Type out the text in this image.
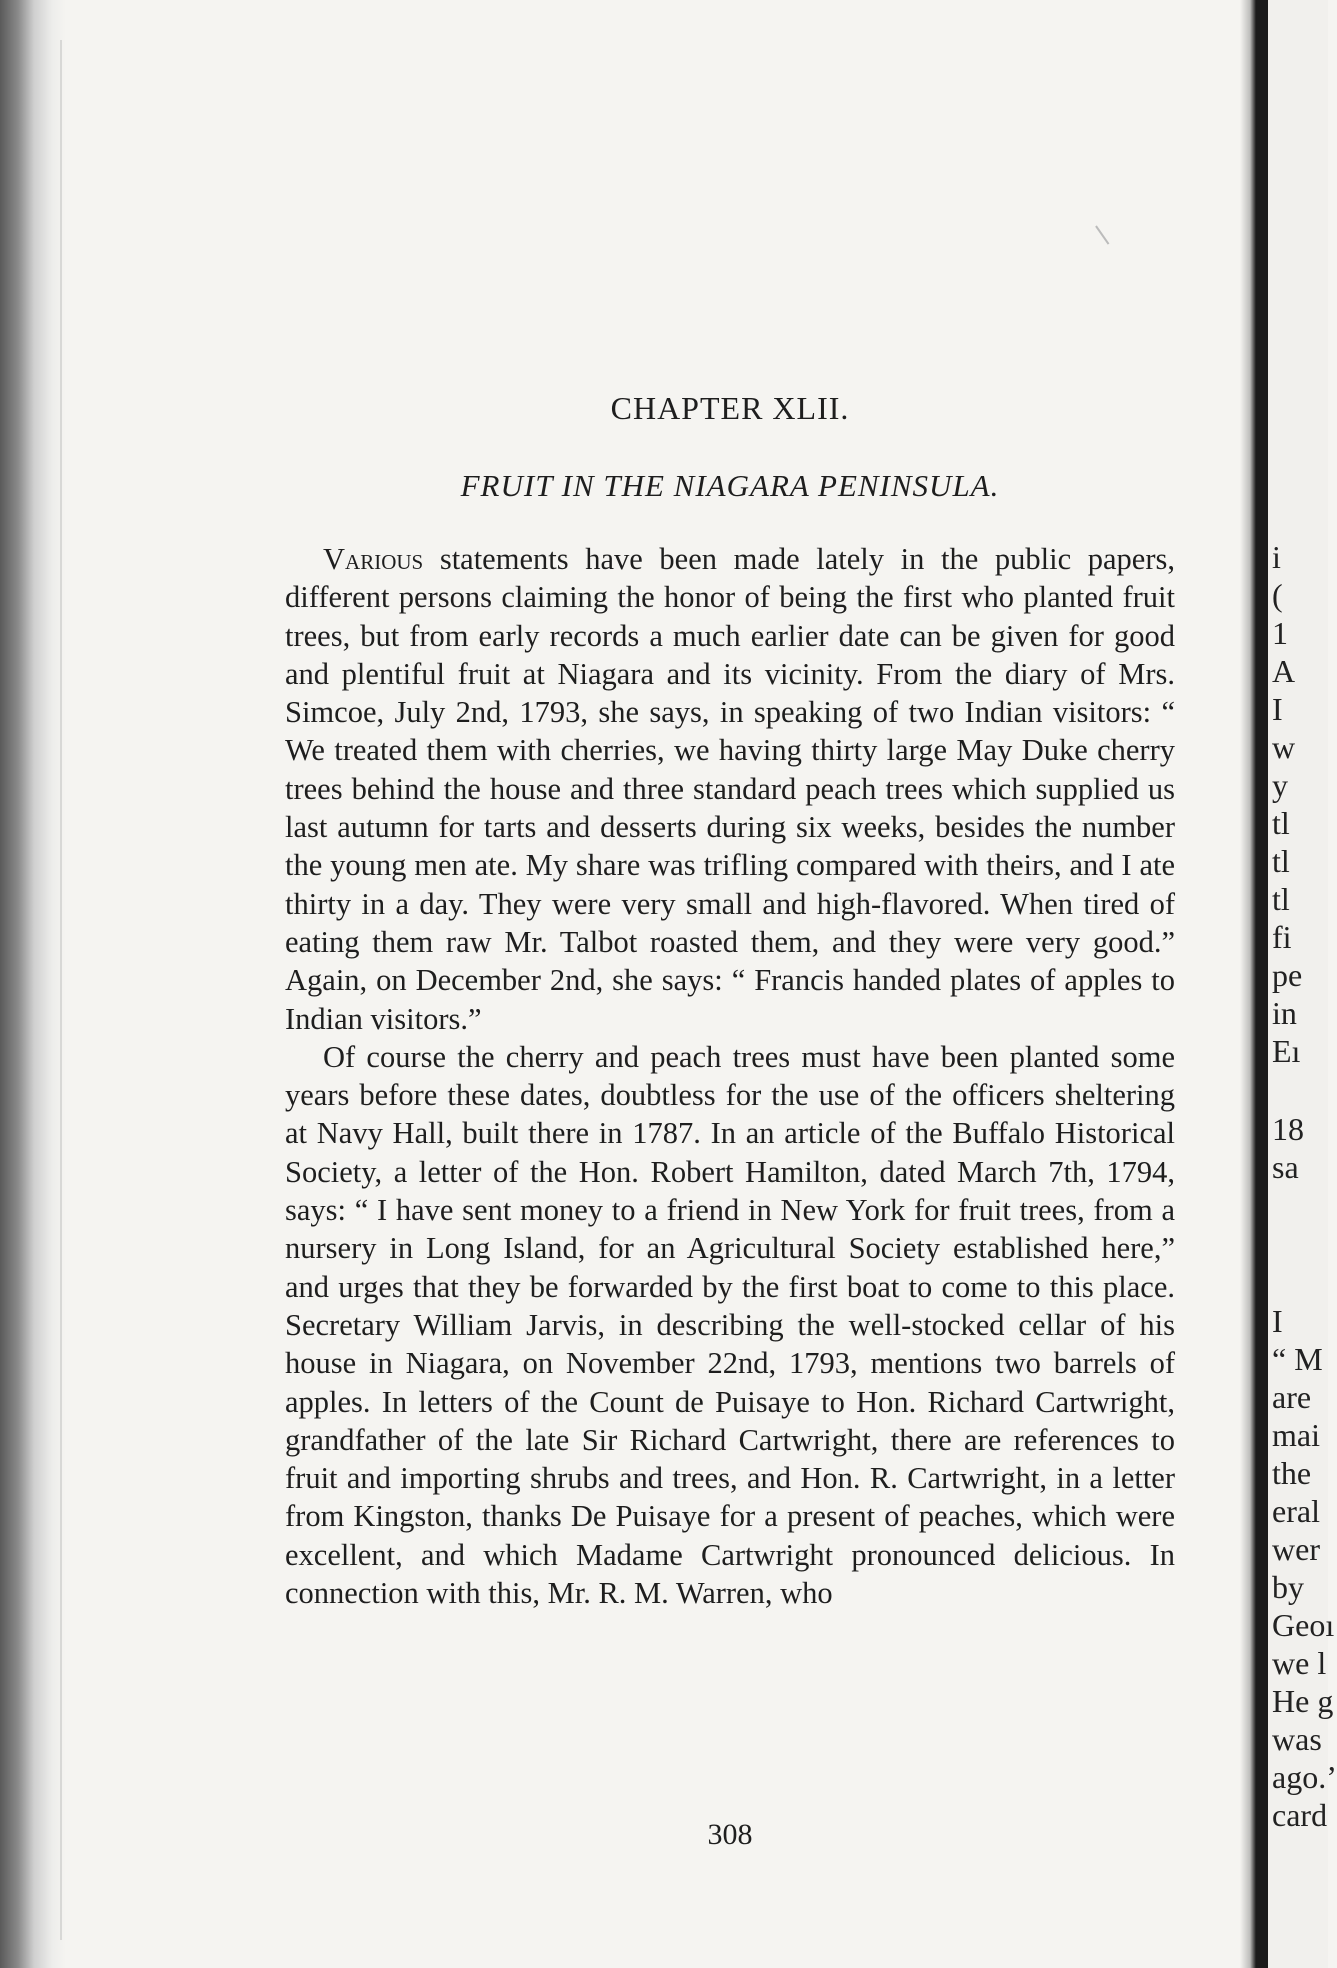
CHAPTER XLII.
FRUIT IN THE NIAGARA PENINSULA.

Various statements have been made lately in the public papers, different persons claiming the honor of being the first who planted fruit trees, but from early records a much earlier date can be given for good and plentiful fruit at Niagara and its vicinity. From the diary of Mrs. Simcoe, July 2nd, 1793, she says, in speaking of two Indian visitors: “ We treated them with cherries, we having thirty large May Duke cherry trees behind the house and three standard peach trees which supplied us last autumn for tarts and desserts during six weeks, besides the number the young men ate. My share was trifling compared with theirs, and I ate thirty in a day. They were very small and high-flavored. When tired of eating them raw Mr. Talbot roasted them, and they were very good.” Again, on December 2nd, she says: “ Francis handed plates of apples to Indian visitors.”

Of course the cherry and peach trees must have been planted some years before these dates, doubtless for the use of the officers sheltering at Navy Hall, built there in 1787. In an article of the Buffalo Historical Society, a letter of the Hon. Robert Hamilton, dated March 7th, 1794, says: “ I have sent money to a friend in New York for fruit trees, from a nursery in Long Island, for an Agricultural Society established here,” and urges that they be forwarded by the first boat to come to this place. Secretary William Jarvis, in describing the well-stocked cellar of his house in Niagara, on November 22nd, 1793, mentions two barrels of apples. In letters of the Count de Puisaye to Hon. Richard Cartwright, grandfather of the late Sir Richard Cartwright, there are references to fruit and importing shrubs and trees, and Hon. R. Cartwright, in a letter from Kingston, thanks De Puisaye for a present of peaches, which were excellent, and which Madame Cartwright pronounced delicious. In connection with this, Mr. R. M. Warren, who

308
i
(
1
A
I
w
y
tl
tl
tl
fi
pe
in
Eı
18
sa
I
“ M
are
mai
the
eral
wer
by
Geoı
we l
He g
was
ago.’
card
